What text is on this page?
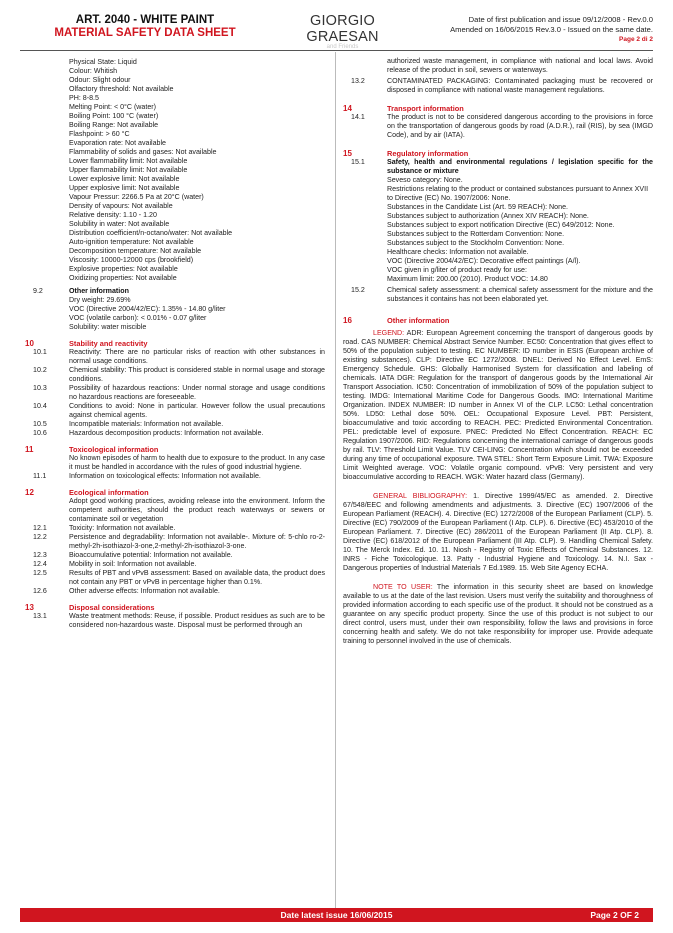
ART. 2040 - WHITE PAINT
MATERIAL SAFETY DATA SHEET
GIORGIO GRAESAN
and Friends
Date of first publication and issue 09/12/2008 - Rev.0.0
Amended on 16/06/2015 Rev.3.0 - Issued on the same date.
Page 2 di 2
Physical State: Liquid
Colour: Whitish
Odour: Slight odour
Olfactory threshold: Not available
PH: 8-8.5
Melting Point: < 0°C (water)
Boiling Point: 100 °C (water)
Boiling Range: Not available
Flashpoint: > 60 °C
Evaporation rate: Not available
Flammability of solids and gases: Not available
Lower flammability limit: Not available
Upper flammability limit: Not available
Lower explosive limit: Not available
Upper explosive limit: Not available
Vapour Pressur: 2266.5 Pa at 20°C (water)
Density of vapours: Not available
Relative density: 1.10 - 1.20
Solubility in water: Not available
Distribution coefficient/n-octano/water: Not available
Auto-ignition temperature: Not available
Decomposition temperature: Not available
Viscosity: 10000-12000 cps (brookfield)
Explosive properties: Not available
Oxidizing properties: Not available
9.2	Other information
Dry weight: 29.69%
VOC (Directive 2004/42/EC): 1.35% - 14.80 g/liter
VOC (volatile carbon): < 0.01% - 0.07 g/liter
Solubility: water miscible
10	Stability and reactivity
10.1	Reactivity: There are no particular risks of reaction with other substances in normal usage conditions.
10.2	Chemical stability: This product is considered stable in normal usage and storage conditions.
10.3	Possibility of hazardous reactions: Under normal storage and usage conditions no hazardous reactions are foreseeable.
10.4	Conditions to avoid: None in particular. However follow the usual precautions against chemical agents.
10.5	Incompatible materials: Information not available.
10.6	Hazardous decomposition products: Information not available.
11	Toxicological information
No known episodes of harm to health due to exposure to the product. In any case it must be handled in accordance with the rules of good industrial hygiene.
11.1	Information on toxicological effects: Information not available.
12	Ecological information
Adopt good working practices, avoiding release into the environment. Inform the competent authorities, should the product reach waterways or sewers or contaminate soil or vegetation
12.1	Toxicity: Information not available.
12.2	Persistence and degradability: Information not available-. Mixture of: 5-chlo ro-2-methyl-2h-isothiazol-3-one,2-methyl-2h-isothiazol-3-one.
12.3	Bioaccumulative potential: Information not available.
12.4	Mobility in soil: Information not available.
12.5	Results of PBT and vPvB assessment: Based on available data, the product does not contain any PBT or vPvB in percentage higher than 0.1%.
12.6	Other adverse effects: Information not available.
13	Disposal considerations
13.1	Waste treatment methods: Reuse, if possible. Product residues as such are to be considered non-hazardous waste. Disposal must be performed through an
authorized waste management, in compliance with national and local laws. Avoid release of the product in soil, sewers or waterways.
13.2	CONTAMINATED PACKAGING: Contaminated packaging must be recovered or disposed in compliance with national waste management regulations.
14	Transport information
14.1	The product is not to be considered dangerous according to the provisions in force on the transportation of dangerous goods by road (A.D.R.), rail (RIS), by sea (IMGD Code), and by air (IATA).
15	Regulatory information
15.1	Safety, health and environmental regulations / legislation specific for the substance or mixture
Seveso category: None.
Restrictions relating to the product or contained substances pursuant to Annex XVII to Directive (EC) No. 1907/2006: None.
Substances in the Candidate List (Art. 59 REACH): None.
Substances subject to authorization (Annex XIV REACH): None.
Substances subject to export notification Directive (EC) 649/2012: None.
Substances subject to the Rotterdam Convention: None.
Substances subject to the Stockholm Convention: None.
Healthcare checks: Information not available.
VOC (Directive 2004/42/EC): Decorative effect paintings (A/l).
VOC given in g/liter of product ready for use:
Maximum limit: 200.00 (2010). Product VOC: 14.80
15.2	Chemical safety assessment: a chemical safety assessment for the mixture and the substances it contains has not been elaborated yet.
16	Other information
LEGEND: ADR: European Agreement concerning the transport of dangerous goods by road. CAS NUMBER: Chemical Abstract Service Number. EC50: Concentration that gives effect to 50% of the population subject to testing. EC NUMBER: ID number in ESIS (European archive of existing substances). CLP: Directive EC 1272/2008. DNEL: Derived No Effect Level. EmS: Emergency Schedule. GHS: Globally Harmonised System for classification and labeling of chemicals. IATA DGR: Regulation for the transport of dangerous goods by the International Air Transport Association. IC50: Concentration of immobilization of 50% of the population subject to testing. IMDG: International Maritime Code for Dangerous Goods. IMO: International Maritime Organization. INDEX NUMBER: ID number in Annex VI of the CLP. LC50: Lethal concentration 50%. LD50: Lethal dose 50%. OEL: Occupational Exposure Level. PBT: Persistent, bioaccumulative and toxic according to REACH. PEC: Predicted Environmental Concentration. PEL: predictable level of exposure. PNEC: Predicted No Effect Concentration. REACH: EC Regulation 1907/2006. RID: Regulations concerning the international carriage of dangerous goods by rail. TLV: Threshold Limit Value. TLV CEI-LING: Concentration which should not be exceeded during any time of occupational exposure. TWA STEL: Short Term Exposure Limit. TWA: Exposure Limit Weighted average. VOC: Volatile organic compound. vPvB: Very persistent and very bioaccumulative according to REACH. WGK: Water hazard class (Germany).
GENERAL BIBLIOGRAPHY: 1. Directive 1999/45/EC as amended. 2. Directive 67/548/EEC and following amendments and adjustments. 3. Directive (EC) 1907/2006 of the European Parliament (REACH). 4. Directive (EC) 1272/2008 of the European Parliament (CLP). 5. Directive (EC) 790/2009 of the European Parliament (I Atp. CLP). 6. Directive (EC) 453/2010 of the European Parliament. 7. Directive (EC) 286/2011 of the European Parliament (II Atp. CLP). 8. Directive (EC) 618/2012 of the European Parliament (III Atp. CLP). 9. Handling Chemical Safety. 10. The Merck Index. Ed. 10. 11. Niosh - Registry of Toxic Effects of Chemical Substances. 12. INRS - Fiche Toxicologique. 13. Patty - Industrial Hygiene and Toxicology. 14. N.I. Sax - Dangerous properties of Industrial Materials 7 Ed.1989. 15. Web Site Agency ECHA.
NOTE TO USER: The information in this security sheet are based on knowledge available to us at the date of the last revision. Users must verify the suitability and thoroughness of provided information according to each specific use of the product. It should not be construed as a guarantee on any specific product property. Since the use of this product is not subject to our direct control, users must, under their own responsibility, follow the laws and provisions in force concerning health and safety. We do not take responsibility for improper use. Provide adequate training to personnel involved in the use of chemicals.
Date latest issue 16/06/2015	Page 2 OF 2
